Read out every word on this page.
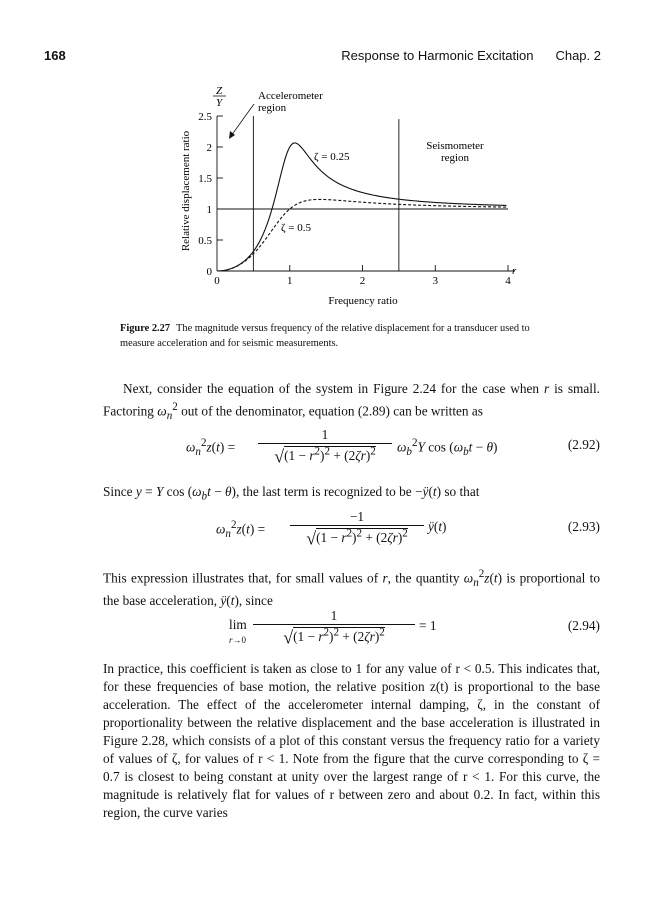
168	Response to Harmonic Excitation Chap. 2
Z
Y
Relative displacement ratio
0
0.5
1
1.5
2
2.5
0	1	2	3	4
r
Frequency ratio
Accelerometer
region
Seismometer
region
ζ = 0.25
ζ = 0.5
Figure 2.27 The magnitude versus frequency of the relative displacement for a transducer used to measure acceleration and for seismic measurements.

Next, consider the equation of the system in Figure 2.24 for the case when r is small. Factoring $\omega_n^2$ out of the denominator, equation (2.89) can be written as

$\omega_n^2z(t)$ =
1
$√(1 - r^2)^2 + (2\zeta r)^2$	$\omega_b^2Y$ $\cos (\omega_bt - \theta)$	(2.92)

Since y = Y $\cos (\omega_bt - \theta)$, the last term is recognized to be −ÿ(t) so that

$\omega_n^2z(t)$ =
−1
$√(1 - r^2)^2 + (2\zeta r)^2$	ÿ(t)	(2.93)

This expression illustrates that, for small values of r, the quantity $\omega_n^2z(t)$ is proportional to the base acceleration, ÿ(t), since

lim
r→0
1
$√(1 - r^2)^2 + (2\zeta r)^2$	= 1	(2.94)

In practice, this coefficient is taken as close to 1 for any value of r < 0.5. This indicates that, for these frequencies of base motion, the relative position z(t) is proportional to the base acceleration. The effect of the accelerometer internal damping, ζ, in the constant of proportionality between the relative displacement and the base acceleration is illustrated in Figure 2.28, which consists of a plot of this constant versus the frequency ratio for a variety of values of ζ, for values of r < 1. Note from the figure that the curve corresponding to ζ = 0.7 is closest to being constant at unity over the largest range of r < 1. For this curve, the magnitude is relatively flat for values of r between zero and about 0.2. In fact, within this region, the curve varies
